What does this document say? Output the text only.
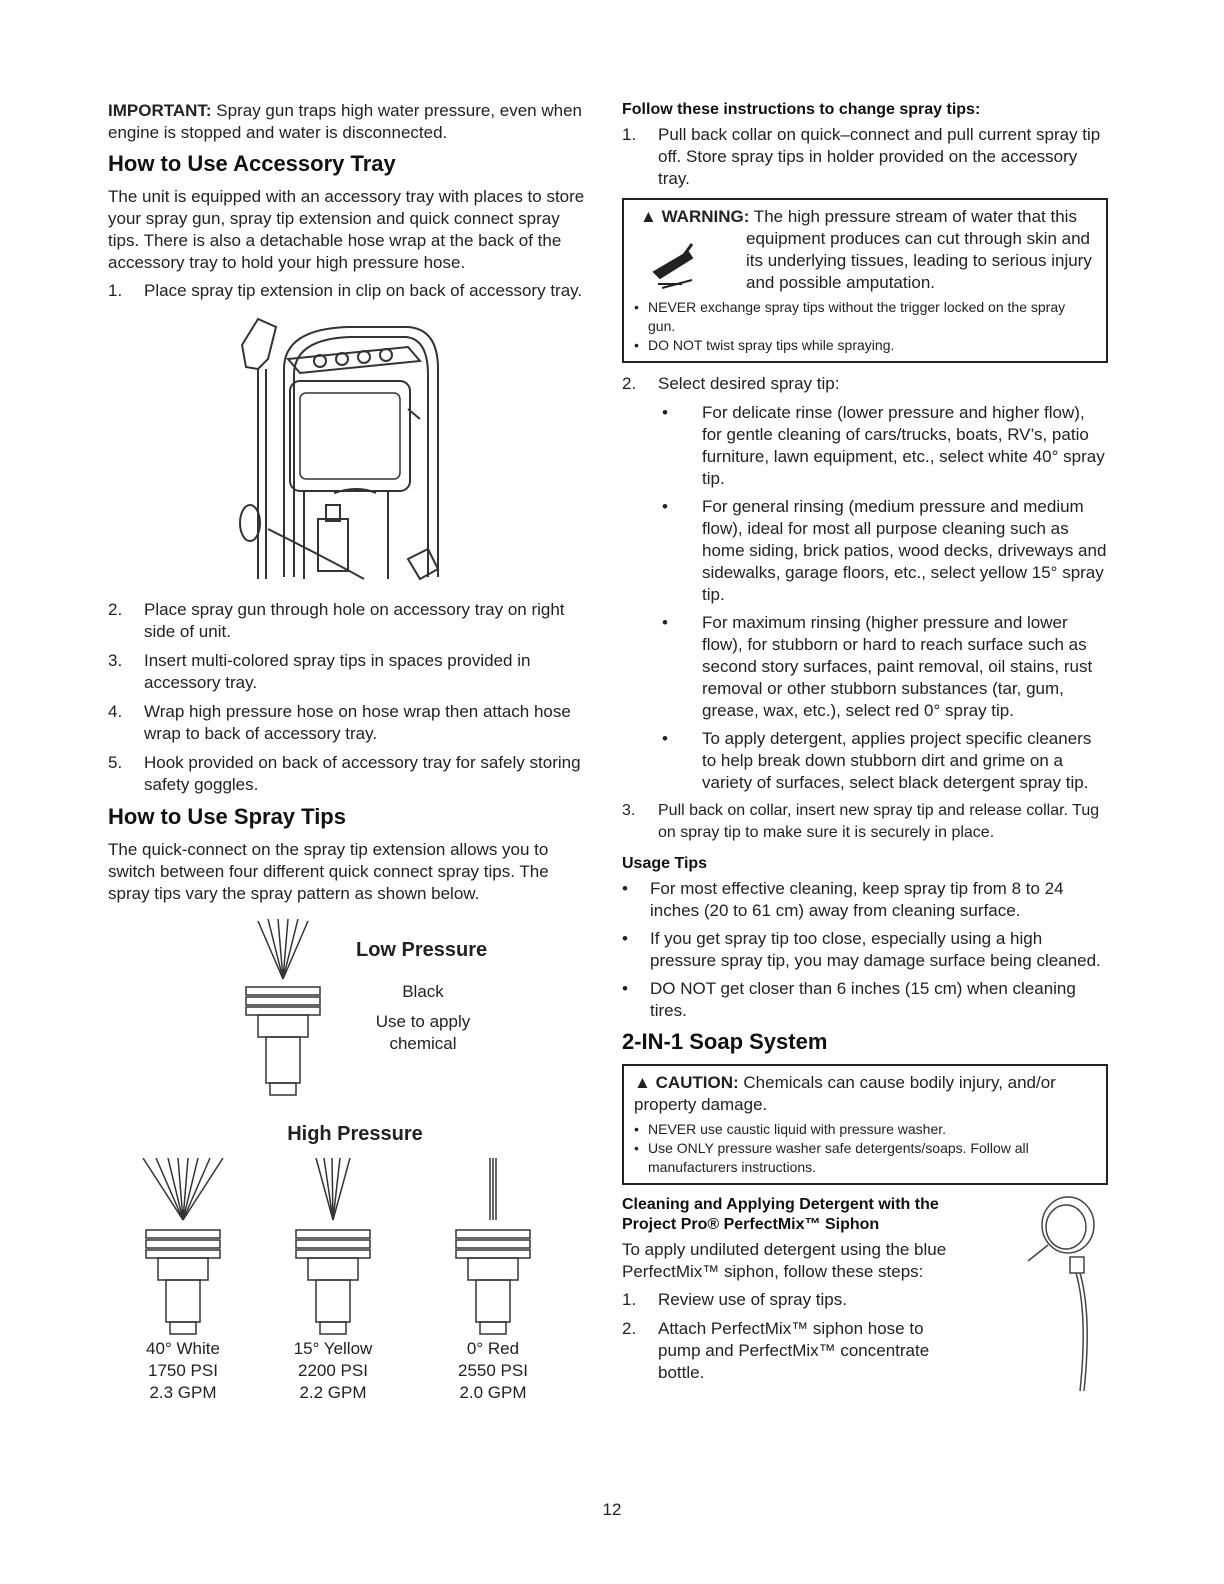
IMPORTANT: Spray gun traps high water pressure, even when engine is stopped and water is disconnected.

How to Use Accessory Tray

The unit is equipped with an accessory tray with places to store your spray gun, spray tip extension and quick connect spray tips. There is also a detachable hose wrap at the back of the accessory tray to hold your high pressure hose.

1.	Place spray tip extension in clip on back of accessory tray.
2.	Place spray gun through hole on accessory tray on right side of unit.
3.	Insert multi-colored spray tips in spaces provided in accessory tray.
4.	Wrap high pressure hose on hose wrap then attach hose wrap to back of accessory tray.
5.	Hook provided on back of accessory tray for safely storing safety goggles.
How to Use Spray Tips

The quick-connect on the spray tip extension allows you to switch between four different quick connect spray tips. The spray tips vary the spray pattern as shown below.

Low Pressure
Black
Use to apply
chemical
High Pressure
40° White
1750 PSI
2.3 GPM
15° Yellow
2200 PSI
2.2 GPM
0° Red
2550 PSI
2.0 GPM
Follow these instructions to change spray tips:
1.	Pull back collar on quick–connect and pull current spray tip off. Store spray tips in holder provided on the accessory tray.
▲ WARNING: The high pressure stream of water that this
equipment produces can cut through skin and
its underlying tissues, leading to serious injury
and possible amputation.
• NEVER exchange spray tips without the trigger locked on the spray gun.
• DO NOT twist spray tips while spraying.
2.	Select desired spray tip:
•	For delicate rinse (lower pressure and higher flow), for gentle cleaning of cars/trucks, boats, RV’s, patio furniture, lawn equipment, etc., select white 40° spray tip.
•	For general rinsing (medium pressure and medium flow), ideal for most all purpose cleaning such as home siding, brick patios, wood decks, driveways and sidewalks, garage floors, etc., select yellow 15° spray tip.
•	For maximum rinsing (higher pressure and lower flow), for stubborn or hard to reach surface such as second story surfaces, paint removal, oil stains, rust removal or other stubborn substances (tar, gum, grease, wax, etc.), select red 0° spray tip.
•	To apply detergent, applies project specific cleaners to help break down stubborn dirt and grime on a variety of surfaces, select black detergent spray tip.
3.	Pull back on collar, insert new spray tip and release collar. Tug on spray tip to make sure it is securely in place.
Usage Tips
•	For most effective cleaning, keep spray tip from 8 to 24 inches (20 to 61 cm) away from cleaning surface.
•	If you get spray tip too close, especially using a high pressure spray tip, you may damage surface being cleaned.
•	DO NOT get closer than 6 inches (15 cm) when cleaning tires.
2-IN-1 Soap System
▲ CAUTION: Chemicals can cause bodily injury, and/or property damage.
• NEVER use caustic liquid with pressure washer.
• Use ONLY pressure washer safe detergents/soaps. Follow all manufacturers instructions.
Cleaning and Applying Detergent with the
Project Pro® PerfectMix™ Siphon

To apply undiluted detergent using the blue PerfectMix™ siphon, follow these steps:

1.	Review use of spray tips.
2.	Attach PerfectMix™ siphon hose to pump and PerfectMix™ concentrate bottle.
12
